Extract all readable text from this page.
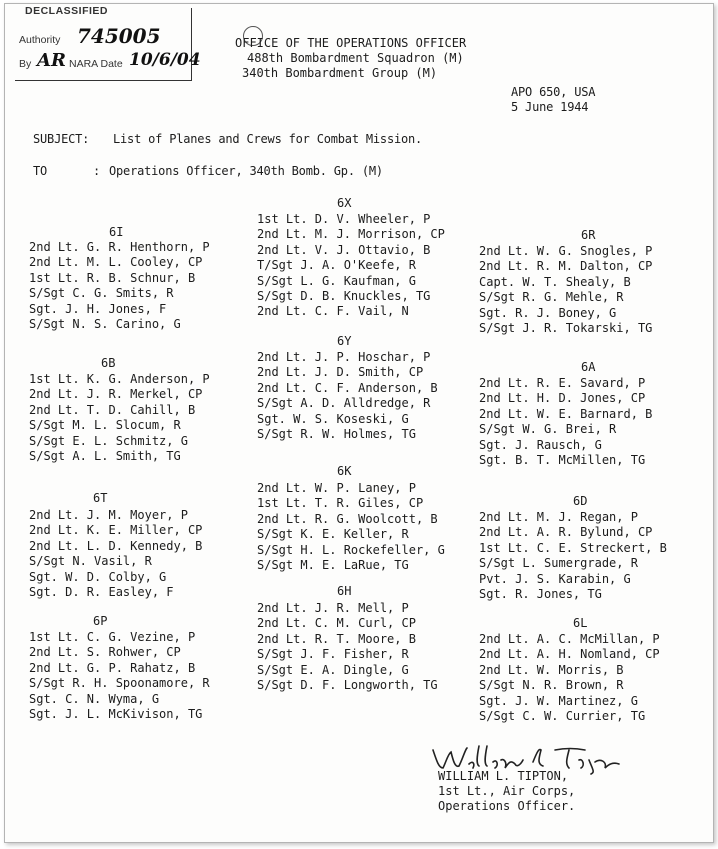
DECLASSIFIED
Authority 745005
By AR NARA Date 10/6/04
OFFICE OF THE OPERATIONS OFFICER
488th Bombardment Squadron (M)
340th Bombardment Group (M)
APO 650, USA
5 June 1944
SUBJECT: List of Planes and Crews for Combat Mission.
TO	: Operations Officer, 340th Bomb. Gp. (M)
6I
2nd Lt. G. R. Henthorn, P
2nd Lt. M. L. Cooley, CP
1st Lt. R. B. Schnur, B
S/Sgt C. G. Smits, R
Sgt. J. H. Jones, F
S/Sgt N. S. Carino, G
6B
1st Lt. K. G. Anderson, P
2nd Lt. J. R. Merkel, CP
2nd Lt. T. D. Cahill, B
S/Sgt M. L. Slocum, R
S/Sgt E. L. Schmitz, G
S/Sgt A. L. Smith, TG
6T
2nd Lt. J. M. Moyer, P
2nd Lt. K. E. Miller, CP
2nd Lt. L. D. Kennedy, B
S/Sgt N. Vasil, R
Sgt. W. D. Colby, G
Sgt. D. R. Easley, F
6P
1st Lt. C. G. Vezine, P
2nd Lt. S. Rohwer, CP
2nd Lt. G. P. Rahatz, B
S/Sgt R. H. Spoonamore, R
Sgt. C. N. Wyma, G
Sgt. J. L. McKivison, TG
6X
1st Lt. D. V. Wheeler, P
2nd Lt. M. J. Morrison, CP
2nd Lt. V. J. Ottavio, B
T/Sgt J. A. O'Keefe, R
S/Sgt L. G. Kaufman, G
S/Sgt D. B. Knuckles, TG
2nd Lt. C. F. Vail, N
6Y
2nd Lt. J. P. Hoschar, P
2nd Lt. J. D. Smith, CP
2nd Lt. C. F. Anderson, B
S/Sgt A. D. Alldredge, R
Sgt. W. S. Koseski, G
S/Sgt R. W. Holmes, TG
6K
2nd Lt. W. P. Laney, P
1st Lt. T. R. Giles, CP
2nd Lt. R. G. Woolcott, B
S/Sgt K. E. Keller, R
S/Sgt H. L. Rockefeller, G
S/Sgt M. E. LaRue, TG
6H
2nd Lt. J. R. Mell, P
2nd Lt. C. M. Curl, CP
2nd Lt. R. T. Moore, B
S/Sgt J. F. Fisher, R
S/Sgt E. A. Dingle, G
S/Sgt D. F. Longworth, TG
6R
2nd Lt. W. G. Snogles, P
2nd Lt. R. M. Dalton, CP
Capt. W. T. Shealy, B
S/Sgt R. G. Mehle, R
Sgt. R. J. Boney, G
S/Sgt J. R. Tokarski, TG
6A
2nd Lt. R. E. Savard, P
2nd Lt. H. D. Jones, CP
2nd Lt. W. E. Barnard, B
S/Sgt W. G. Brei, R
Sgt. J. Rausch, G
Sgt. B. T. McMillen, TG
6D
2nd Lt. M. J. Regan, P
2nd Lt. A. R. Bylund, CP
1st Lt. C. E. Streckert, B
S/Sgt L. Sumergrade, R
Pvt. J. S. Karabin, G
Sgt. R. Jones, TG
6L
2nd Lt. A. C. McMillan, P
2nd Lt. A. H. Nomland, CP
2nd Lt. W. Morris, B
S/Sgt N. R. Brown, R
Sgt. J. W. Martinez, G
S/Sgt C. W. Currier, TG
WILLIAM L. TIPTON,
1st Lt., Air Corps,
Operations Officer.
